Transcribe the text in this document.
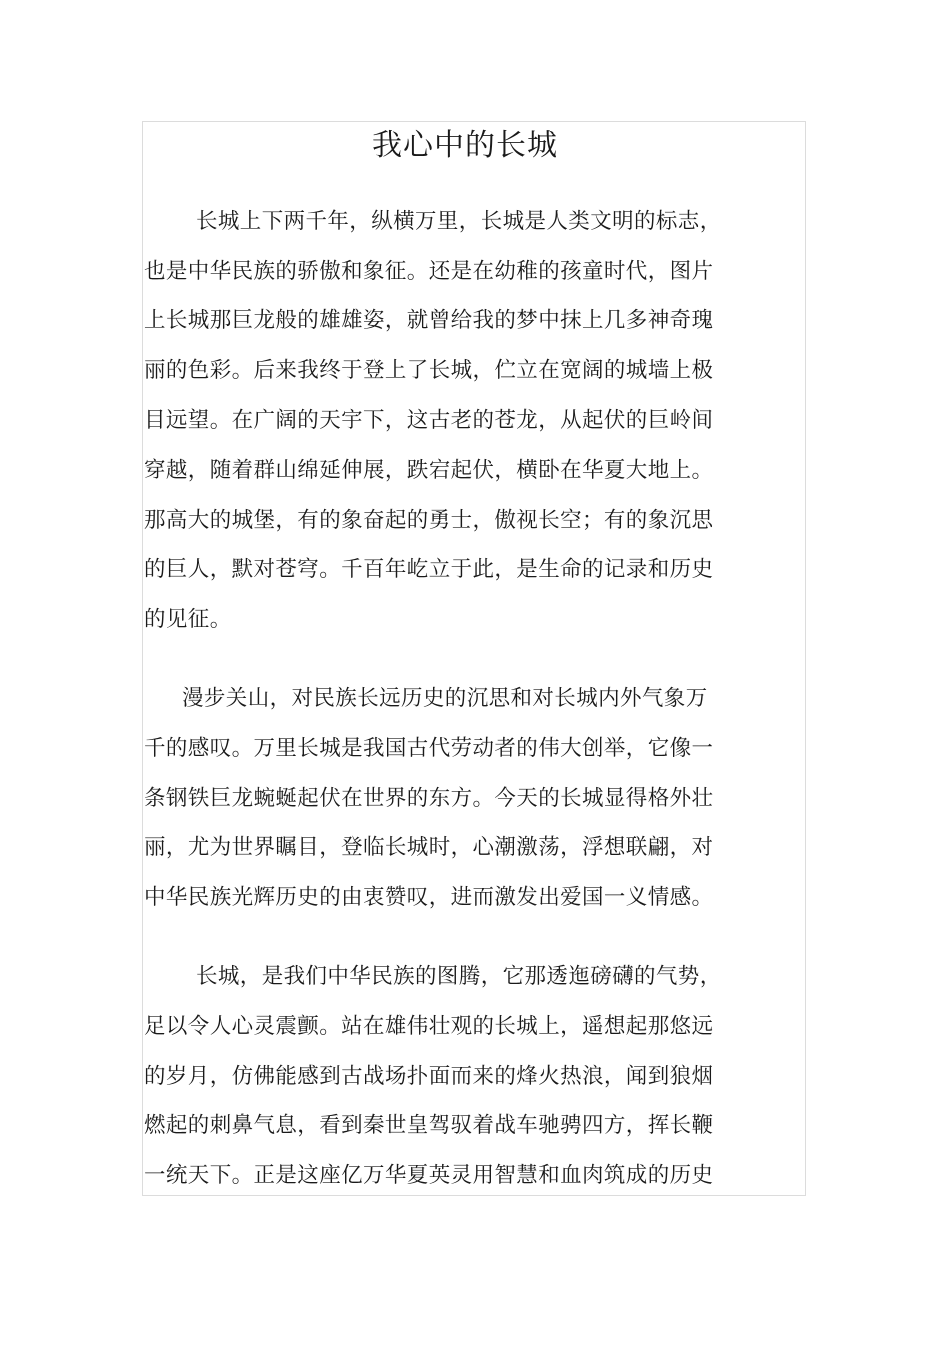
我心中的长城
长城上下两千年，纵横万里，长城是人类文明的标志，
也是中华民族的骄傲和象征。还是在幼稚的孩童时代，图片
上长城那巨龙般的雄雄姿，就曾给我的梦中抹上几多神奇瑰
丽的色彩。后来我终于登上了长城，伫立在宽阔的城墙上极
目远望。在广阔的天宇下，这古老的苍龙，从起伏的巨岭间
穿越，随着群山绵延伸展，跌宕起伏，横卧在华夏大地上。
那高大的城堡，有的象奋起的勇士，傲视长空；有的象沉思
的巨人，默对苍穹。千百年屹立于此，是生命的记录和历史
的见征。
漫步关山，对民族长远历史的沉思和对长城内外气象万
千的感叹。万里长城是我国古代劳动者的伟大创举，它像一
条钢铁巨龙蜿蜒起伏在世界的东方。今天的长城显得格外壮
丽，尤为世界瞩目，登临长城时，心潮激荡，浮想联翩，对
中华民族光辉历史的由衷赞叹，进而激发出爱国一义情感。
长城，是我们中华民族的图腾，它那透迤磅礴的气势，
足以令人心灵震颤。站在雄伟壮观的长城上，遥想起那悠远
的岁月，仿佛能感到古战场扑面而来的烽火热浪，闻到狼烟
燃起的刺鼻气息，看到秦世皇驾驭着战车驰骋四方，挥长鞭
一统天下。正是这座亿万华夏英灵用智慧和血肉筑成的历史
